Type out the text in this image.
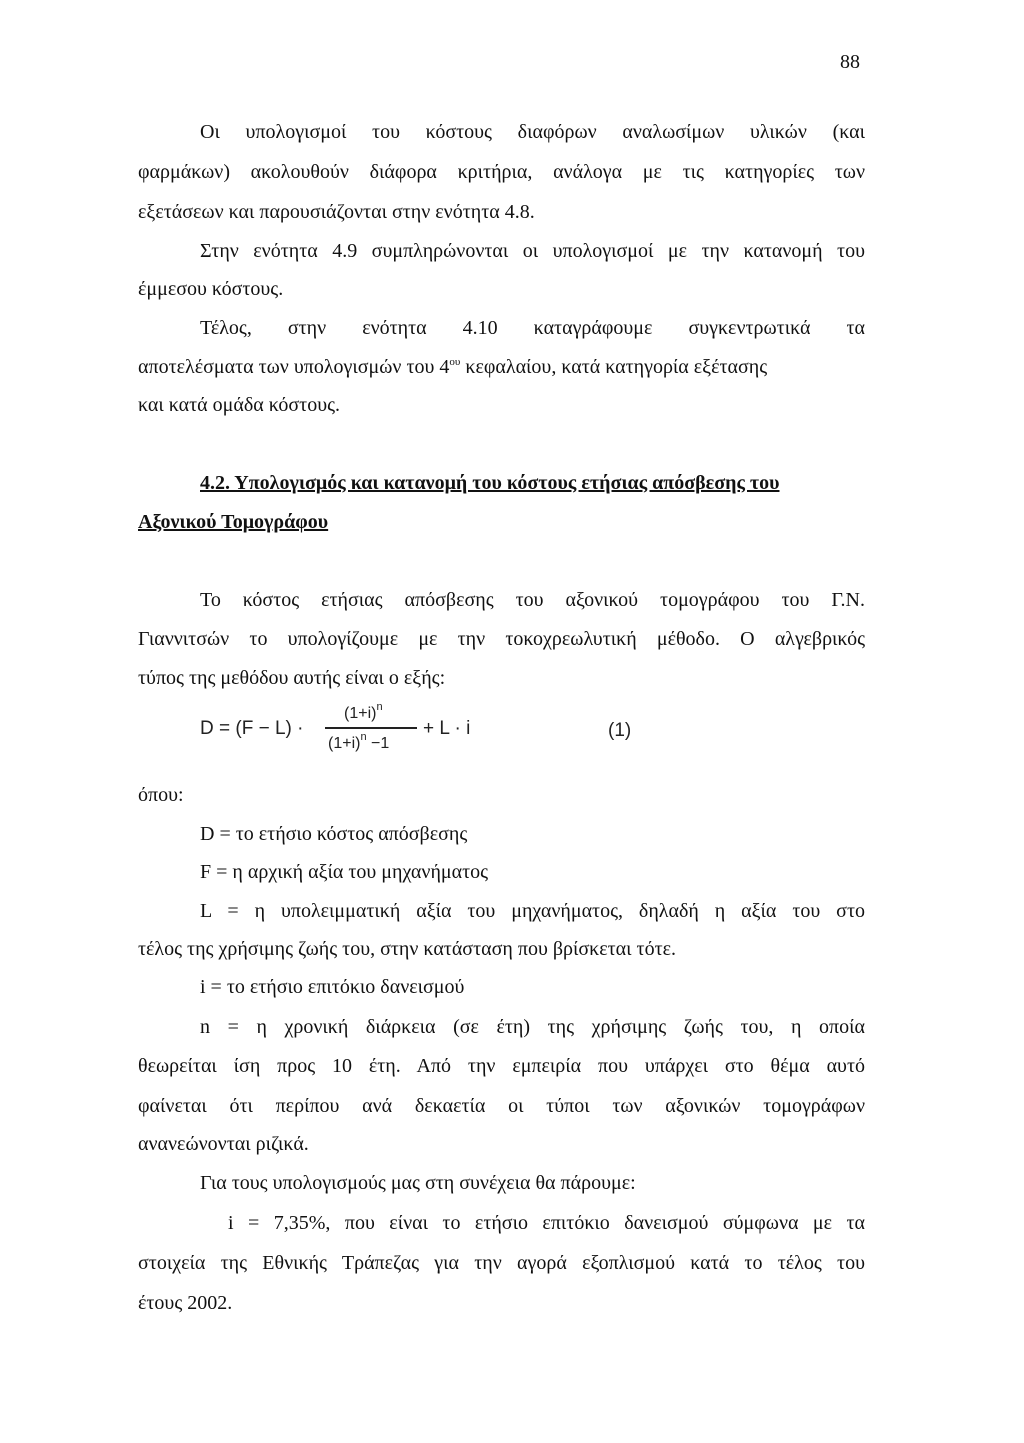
88
Οι υπολογισμοί του κόστους διαφόρων αναλωσίμων υλικών (και
φαρμάκων) ακολουθούν διάφορα κριτήρια, ανάλογα με τις κατηγορίες των
εξετάσεων και παρουσιάζονται στην ενότητα 4.8.
Στην ενότητα 4.9 συμπληρώνονται οι υπολογισμοί με την κατανομή του
έμμεσου κόστους.
Τέλος, στην ενότητα 4.10 καταγράφουμε συγκεντρωτικά τα
αποτελέσματα των υπολογισμών του $4^{o\upsilon}$ κεφαλαίου, κατά κατηγορία εξέτασης
και κατά ομάδα κόστους.
4.2. Υπολογισμός και κατανομή του κόστους ετήσιας απόσβεσης του
Αξονικού Τομογράφου
Το κόστος ετήσιας απόσβεσης του αξονικού τομογράφου του Γ.Ν.
Γιαννιτσών το υπολογίζουμε με την τοκοχρεωλυτική μέθοδο. Ο αλγεβρικός
τύπος της μεθόδου αυτής είναι ο εξής:
D = (F − L) ·
$(1+i)^n$
$(1+i)^n -1$
+ L · i	(1)
όπου:
D = το ετήσιο κόστος απόσβεσης
F = η αρχική αξία του μηχανήματος
L = η υπολειμματική αξία του μηχανήματος, δηλαδή η αξία του στο
τέλος της χρήσιμης ζωής του, στην κατάσταση που βρίσκεται τότε.
i = το ετήσιο επιτόκιο δανεισμού
n = η χρονική διάρκεια (σε έτη) της χρήσιμης ζωής του, η οποία
θεωρείται ίση προς 10 έτη. Από την εμπειρία που υπάρχει στο θέμα αυτό
φαίνεται ότι περίπου ανά δεκαετία οι τύποι των αξονικών τομογράφων
ανανεώνονται ριζικά.
Για τους υπολογισμούς μας στη συνέχεια θα πάρουμε:
i = 7,35%, που είναι το ετήσιο επιτόκιο δανεισμού σύμφωνα με τα
στοιχεία της Εθνικής Τράπεζας για την αγορά εξοπλισμού κατά το τέλος του
έτους 2002.
